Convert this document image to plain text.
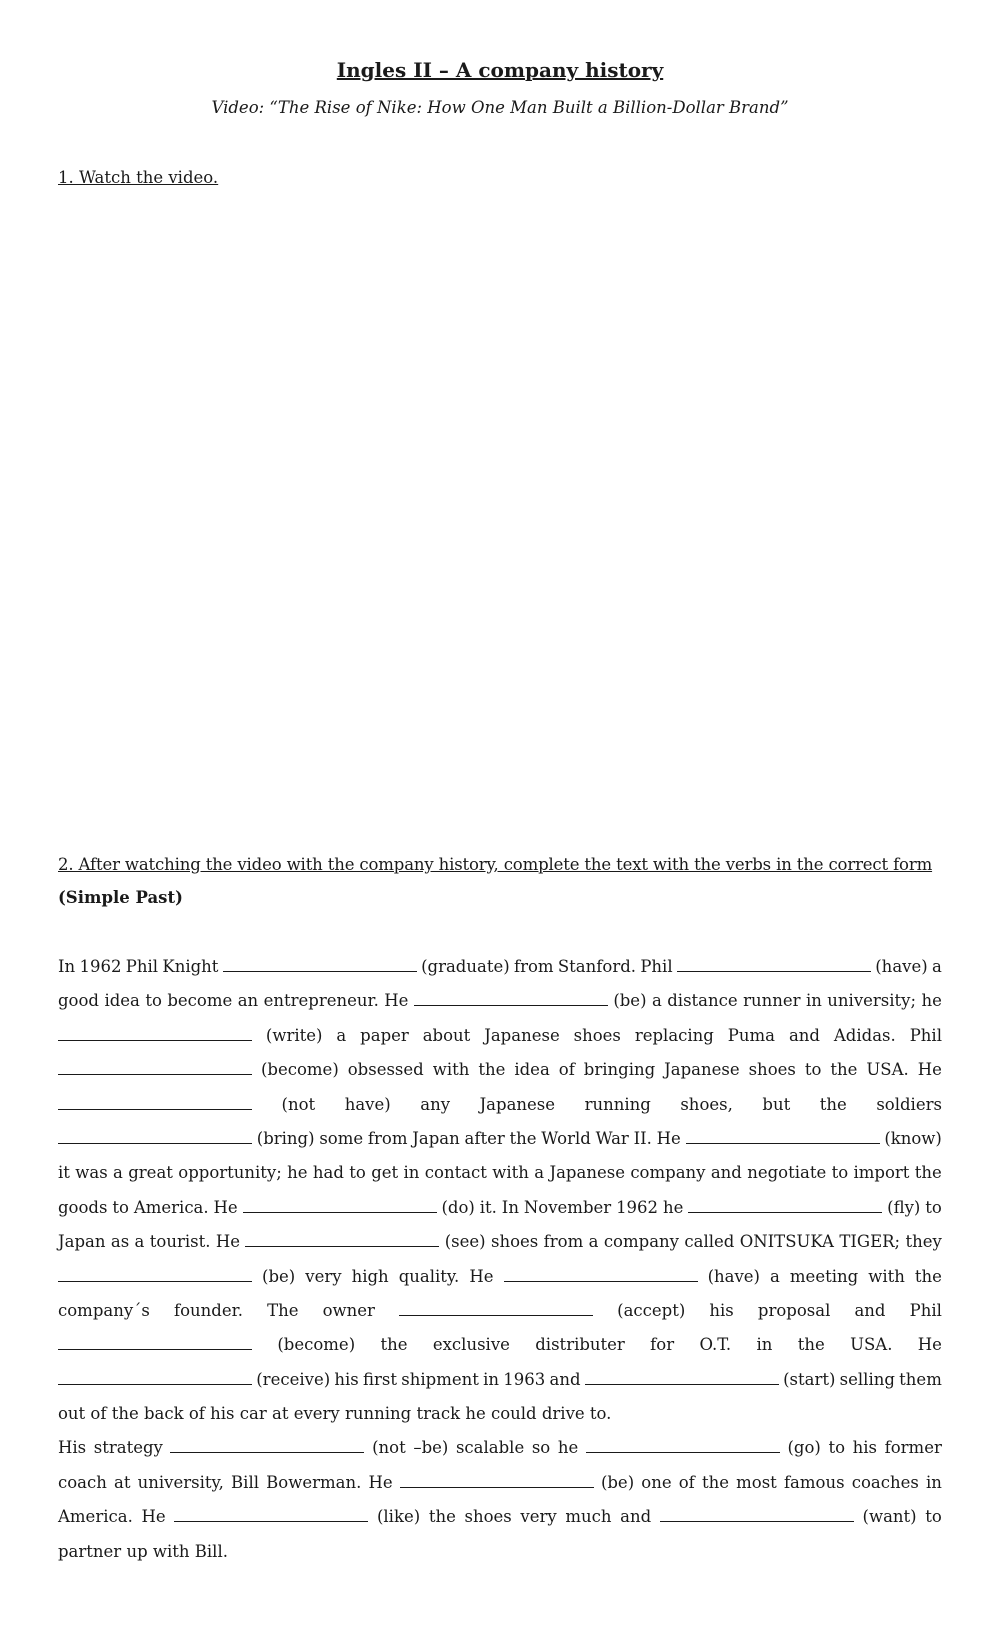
Ingles II – A company history
Video: “The Rise of Nike: How One Man Built a Billion-Dollar Brand”
1. Watch the video.
2. After watching the video with the company history, complete the text with the verbs in the correct form
(Simple Past)
In 1962 Phil Knight	(graduate) from Stanford. Phil	(have) a
good idea to become an entrepreneur. He	(be) a distance runner in university; he
(write) a paper about Japanese shoes replacing Puma and Adidas. Phil
(become) obsessed with the idea of bringing Japanese shoes to the USA. He
(not have) any Japanese running shoes, but the soldiers
(bring) some from Japan after the World War II. He	(know)
it was a great opportunity; he had to get in contact with a Japanese company and negotiate to import the
goods to America. He	(do) it. In November 1962 he	(fly) to
Japan as a tourist. He	(see) shoes from a company called ONITSUKA TIGER; they
(be) very high quality. He	(have) a meeting with the
company´s founder. The owner	(accept) his proposal and Phil
(become) the exclusive distributer for O.T. in the USA. He
(receive) his first shipment in 1963 and	(start) selling them
out of the back of his car at every running track he could drive to.
His strategy	(not –be) scalable so he	(go) to his former
coach at university, Bill Bowerman. He	(be) one of the most famous coaches in
America. He	(like) the shoes very much and	(want) to
partner up with Bill.
